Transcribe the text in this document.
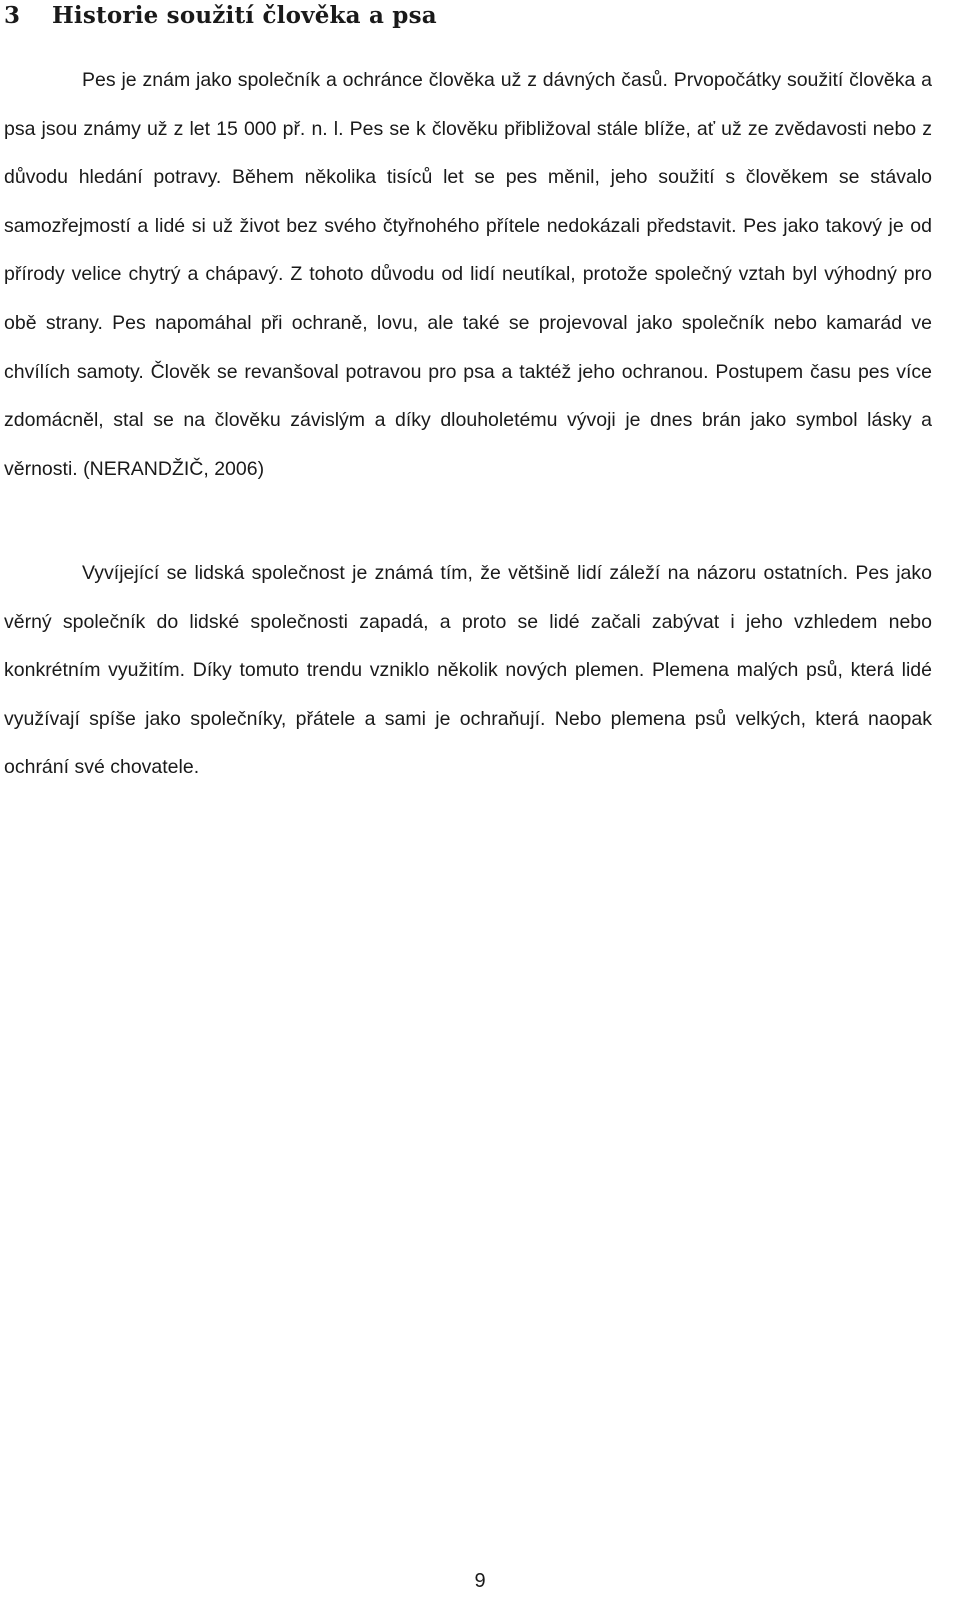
3 Historie soužití člověka a psa

Pes je znám jako společník a ochránce člověka už z dávných časů. Prvopočátky soužití člověka a psa jsou známy už z let 15 000 př. n. l. Pes se k člověku přibližoval stále blíže, ať už ze zvědavosti nebo z důvodu hledání potravy. Během několika tisíců let se pes měnil, jeho soužití s člověkem se stávalo samozřejmostí a lidé si už život bez svého čtyřnohého přítele nedokázali představit. Pes jako takový je od přírody velice chytrý a chápavý. Z tohoto důvodu od lidí neutíkal, protože společný vztah byl výhodný pro obě strany. Pes napomáhal při ochraně, lovu, ale také se projevoval jako společník nebo kamarád ve chvílích samoty. Člověk se revanšoval potravou pro psa a taktéž jeho ochranou. Postupem času pes více zdomácněl, stal se na člověku závislým a díky dlouholetému vývoji je dnes brán jako symbol lásky a věrnosti. (NERANDŽIČ, 2006)

Vyvíjející se lidská společnost je známá tím, že většině lidí záleží na názoru ostatních. Pes jako věrný společník do lidské společnosti zapadá, a proto se lidé začali zabývat i jeho vzhledem nebo konkrétním využitím. Díky tomuto trendu vzniklo několik nových plemen. Plemena malých psů, která lidé využívají spíše jako společníky, přátele a sami je ochraňují. Nebo plemena psů velkých, která naopak ochrání své chovatele.

9
